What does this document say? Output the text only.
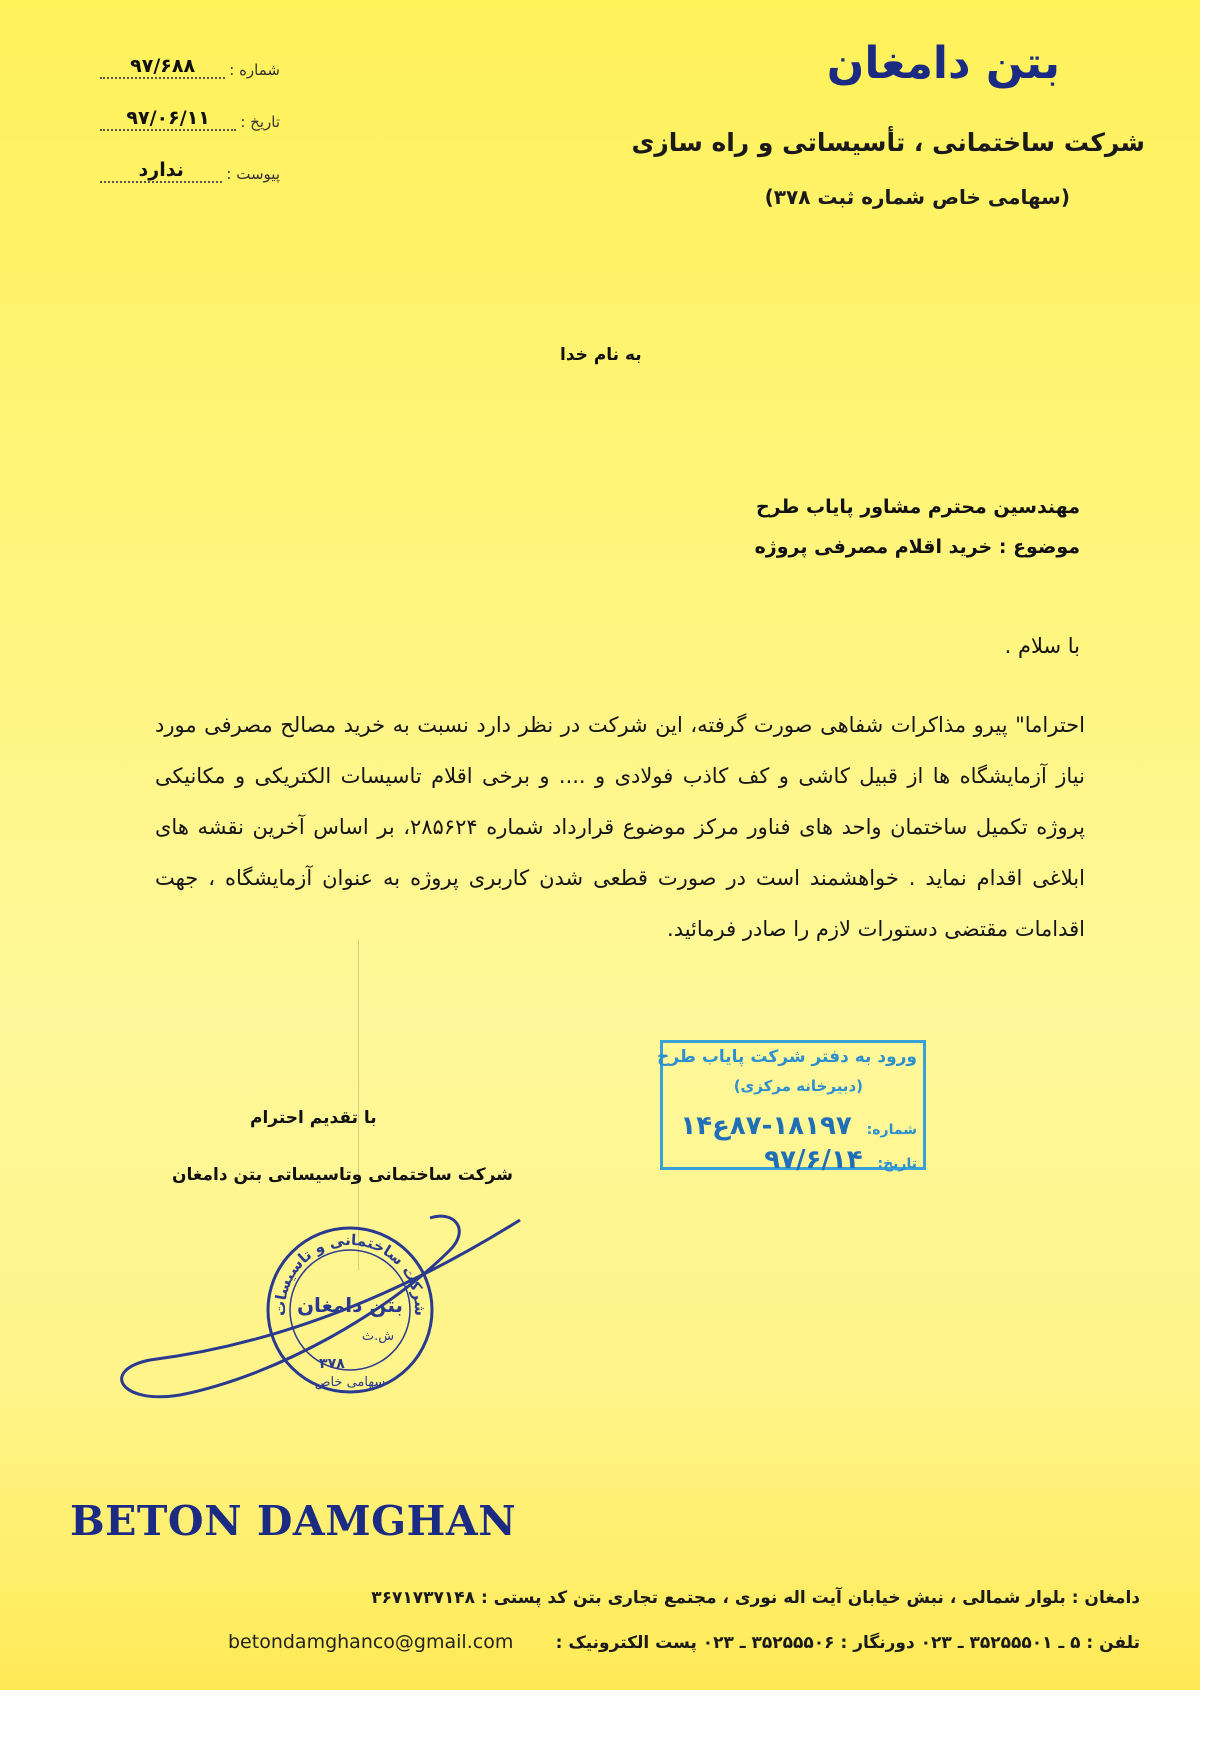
بتن دامغان
شرکت ساختمانی ، تأسیساتی و راه سازی
(سهامی خاص شماره ثبت ۳۷۸)
شماره :
۹۷/۶۸۸
تاریخ :
۹۷/۰۶/۱۱
پیوست :
ندارد
به نام خدا
مهندسین محترم مشاور پایاب طرح
موضوع : خرید اقلام مصرفی پروژه
با سلام .
احتراما" پیرو مذاکرات شفاهی صورت گرفته، این شرکت در نظر دارد نسبت به خرید مصالح مصرفی مورد نیاز آزمایشگاه ها از قبیل کاشی و کف کاذب فولادی و .... و برخی اقلام تاسیسات الکتریکی و مکانیکی پروژه تکمیل ساختمان واحد های فناور مرکز موضوع قرارداد شماره ۲۸۵۶۲۴، بر اساس آخرین نقشه های ابلاغی اقدام نماید . خواهشمند است در صورت قطعی شدن کاربری پروژه به عنوان آزمایشگاه ، جهت اقدامات مقتضی دستورات لازم را صادر فرمائید.
ورود به دفتر شرکت پایاب طرح
(دبیرخانه مرکزی)
شماره: ۱۸۱۹۷-۸۷ع۱۴
تاریخ: ۹۷/۶/۱۴
با تقدیم احترام
شرکت ساختمانی وتاسیساتی بتن دامغان
شرکت ساختمانی و تاسیسات
بتن دامغان
ش.ث
۳۷۸
سهامی خاص
BETON DAMGHAN
دامغان : بلوار شمالی ، نبش خیابان آیت اله نوری ، مجتمع تجاری بتن کد پستی : ۳۶۷۱۷۳۷۱۴۸
تلفن : ۵ ـ ۳۵۲۵۵۵۰۱ ـ ۰۲۳ دورنگار : ۳۵۲۵۵۵۰۶ ـ ۰۲۳ پست الکترونیک :
betondamghanco@gmail.com
